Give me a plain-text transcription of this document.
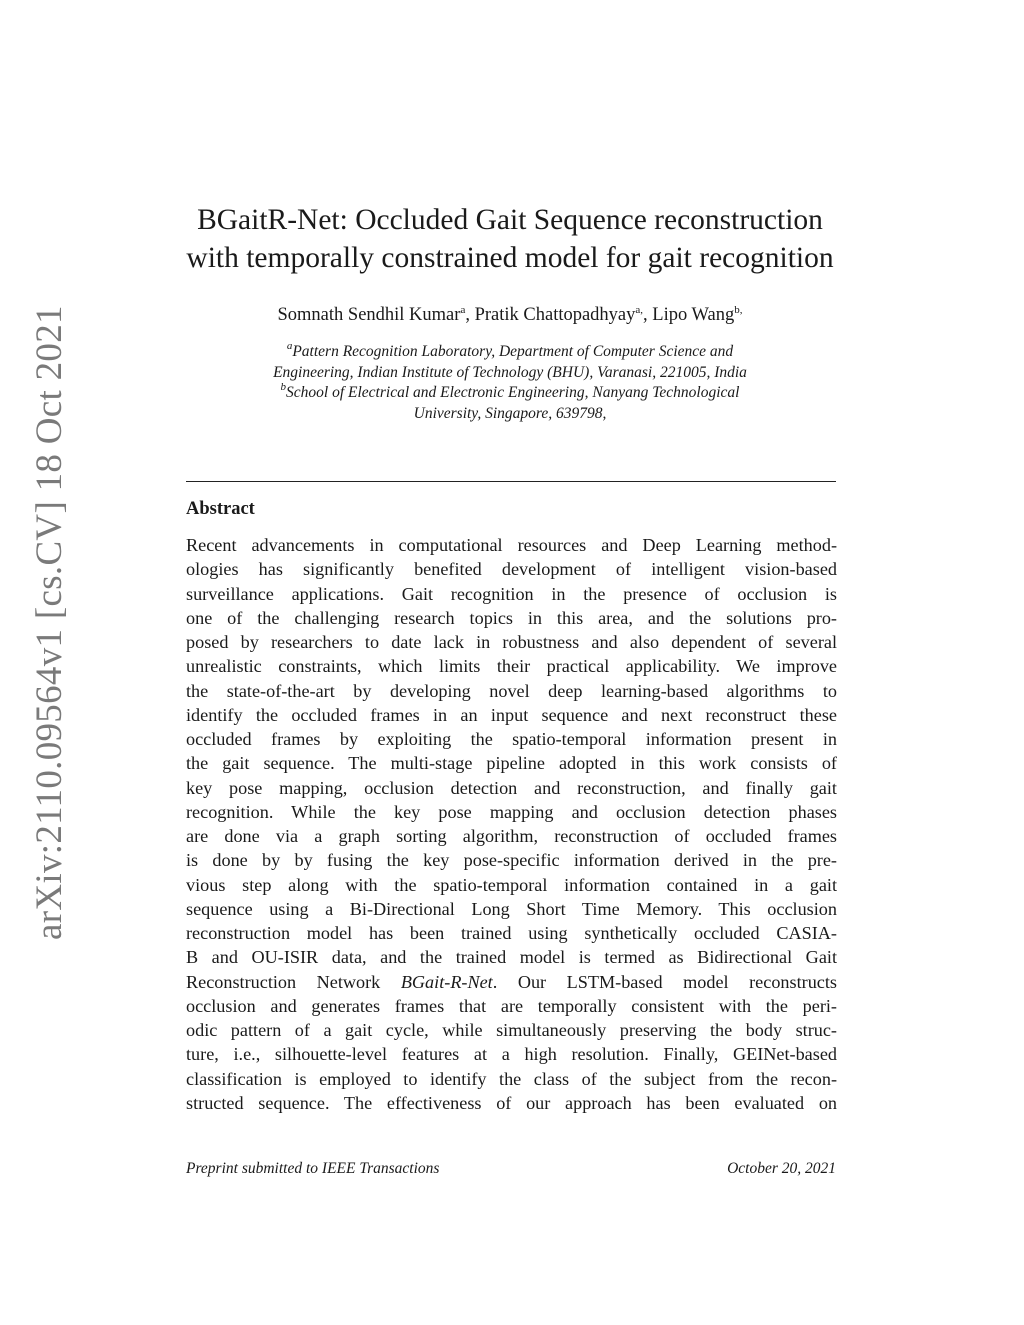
arXiv:2110.09564v1 [cs.CV] 18 Oct 2021
BGaitR-Net: Occluded Gait Sequence reconstruction
with temporally constrained model for gait recognition
Somnath Sendhil Kumar$^a$, Pratik Chattopadhyay$^{a,}$, Lipo Wang$^{b,}$
$^a$Pattern Recognition Laboratory, Department of Computer Science and
Engineering, Indian Institute of Technology (BHU), Varanasi, 221005, India
$^b$School of Electrical and Electronic Engineering, Nanyang Technological
University, Singapore, 639798,
Abstract
Recent advancements in computational resources and Deep Learning method-
ologies has significantly benefited development of intelligent vision-based
surveillance applications. Gait recognition in the presence of occlusion is
one of the challenging research topics in this area, and the solutions pro-
posed by researchers to date lack in robustness and also dependent of several
unrealistic constraints, which limits their practical applicability. We improve
the state-of-the-art by developing novel deep learning-based algorithms to
identify the occluded frames in an input sequence and next reconstruct these
occluded frames by exploiting the spatio-temporal information present in
the gait sequence. The multi-stage pipeline adopted in this work consists of
key pose mapping, occlusion detection and reconstruction, and finally gait
recognition. While the key pose mapping and occlusion detection phases
are done via a graph sorting algorithm, reconstruction of occluded frames
is done by by fusing the key pose-specific information derived in the pre-
vious step along with the spatio-temporal information contained in a gait
sequence using a Bi-Directional Long Short Time Memory. This occlusion
reconstruction model has been trained using synthetically occluded CASIA-
B and OU-ISIR data, and the trained model is termed as Bidirectional Gait
Reconstruction Network BGait-R-Net. Our LSTM-based model reconstructs
occlusion and generates frames that are temporally consistent with the peri-
odic pattern of a gait cycle, while simultaneously preserving the body struc-
ture, i.e., silhouette-level features at a high resolution. Finally, GEINet-based
classification is employed to identify the class of the subject from the recon-
structed sequence. The effectiveness of our approach has been evaluated on
Preprint submitted to IEEE Transactions	October 20, 2021
